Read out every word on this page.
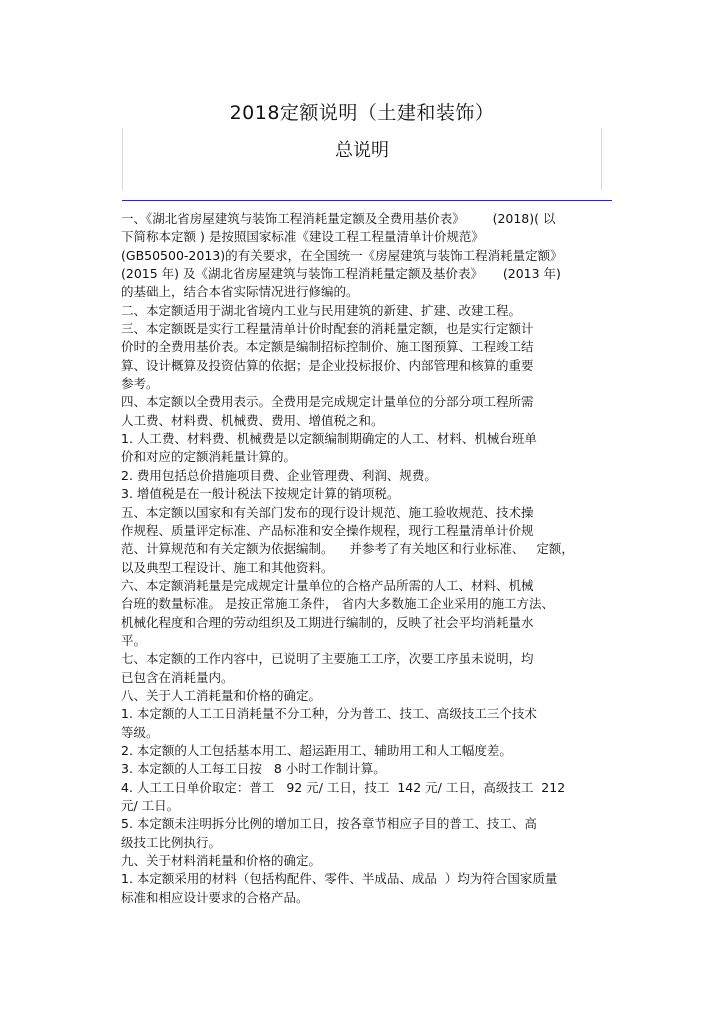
2018定额说明（土建和装饰）
总说明
一、《湖北省房屋建筑与装饰工程消耗量定额及全费用基价表》       (2018)( 以
下简称本定额 ) 是按照国家标准《建设工程工程量清单计价规范》
(GB50500-2013)的有关要求，在全国统一《房屋建筑与装饰工程消耗量定额》
(2015 年) 及《湖北省房屋建筑与装饰工程消耗量定额及基价表》     (2013 年)
的基础上，结合本省实际情况进行修编的。
二、本定额适用于湖北省境内工业与民用建筑的新建、扩建、改建工程。
三、本定额既是实行工程量清单计价时配套的消耗量定额，也是实行定额计
价时的全费用基价表。本定额是编制招标控制价、施工图预算、工程竣工结
算、设计概算及投资估算的依据；是企业投标报价、内部管理和核算的重要
参考。
四、本定额以全费用表示。全费用是完成规定计量单位的分部分项工程所需
人工费、材料费、机械费、费用、增值税之和。
1. 人工费、材料费、机械费是以定额编制期确定的人工、材料、机械台班单
价和对应的定额消耗量计算的。
2. 费用包括总价措施项目费、企业管理费、利润、规费。
3. 增值税是在一般计税法下按规定计算的销项税。
五、本定额以国家和有关部门发布的现行设计规范、施工验收规范、技术操
作规程、质量评定标准、产品标准和安全操作规程，现行工程量清单计价规
范、计算规范和有关定额为依据编制。    并参考了有关地区和行业标准、   定额，
以及典型工程设计、施工和其他资料。
六、本定额消耗量是完成规定计量单位的合格产品所需的人工、材料、机械
台班的数量标准。 是按正常施工条件， 省内大多数施工企业采用的施工方法、
机械化程度和合理的劳动组织及工期进行编制的，反映了社会平均消耗量水
平。
七、本定额的工作内容中，已说明了主要施工工序，次要工序虽未说明，均
已包含在消耗量内。
八、关于人工消耗量和价格的确定。
1. 本定额的人工工日消耗量不分工种，分为普工、技工、高级技工三个技术
等级。
2. 本定额的人工包括基本用工、超运距用工、辅助用工和人工幅度差。
3. 本定额的人工每工日按   8 小时工作制计算。
4. 人工工日单价取定：普工   92 元/ 工日，技工  142 元/ 工日，高级技工  212
元/ 工日。
5. 本定额未注明拆分比例的增加工日，按各章节相应子目的普工、技工、高
级技工比例执行。
九、关于材料消耗量和价格的确定。
1. 本定额采用的材料（包括构配件、零件、半成品、成品  ）均为符合国家质量
标准和相应设计要求的合格产品。
